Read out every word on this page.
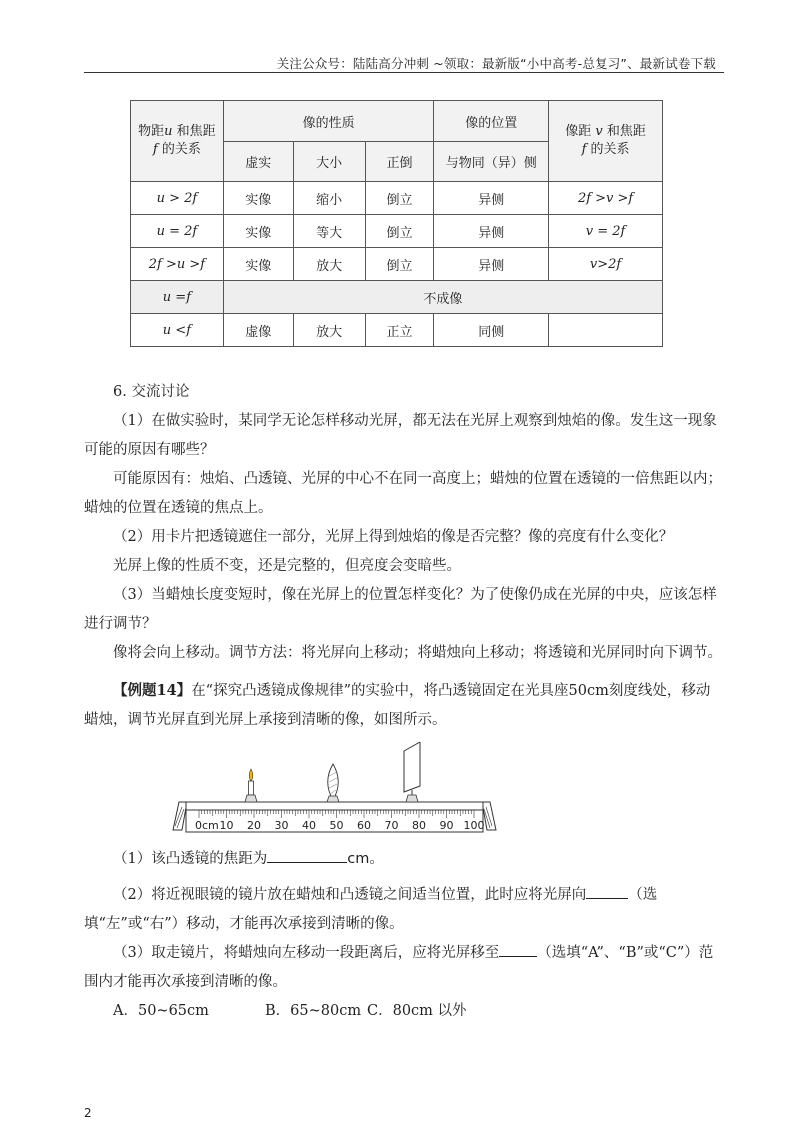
关注公众号：陆陆高分冲刺 ~领取：最新版“小中高考-总复习”、最新试卷下载
物距u 和焦距
f 的关系	像的性质			像的位置	像距 v 和焦距
f 的关系
	虚实	大小	正倒	与物同（异）侧	
u > 2f	实像	缩小	倒立	异侧	2f >v >f
u = 2f	实像	等大	倒立	异侧	v = 2f
2f >u >f	实像	放大	倒立	异侧	v>2f
u =f	不成像				
u <f	虚像	放大	正立	同侧	

6. 交流讨论

（1）在做实验时，某同学无论怎样移动光屏，都无法在光屏上观察到烛焰的像。发生这一现象可能的原因有哪些？

可能原因有：烛焰、凸透镜、光屏的中心不在同一高度上；蜡烛的位置在透镜的一倍焦距以内；蜡烛的位置在透镜的焦点上。

（2）用卡片把透镜遮住一部分，光屏上得到烛焰的像是否完整？像的亮度有什么变化？

光屏上像的性质不变，还是完整的，但亮度会变暗些。

（3）当蜡烛长度变短时，像在光屏上的位置怎样变化？为了使像仍成在光屏的中央，应该怎样进行调节？

像将会向上移动。调节方法：将光屏向上移动；将蜡烛向上移动；将透镜和光屏同时向下调节。

【例题14】在“探究凸透镜成像规律”的实验中，将凸透镜固定在光具座50cm刻度线处，移动蜡烛，调节光屏直到光屏上承接到清晰的像，如图所示。

0cm 10 20 30 40 50 60 70 80 90 100

（1）该凸透镜的焦距为	cm。

（2）将近视眼镜的镜片放在蜡烛和凸透镜之间适当位置，此时应将光屏向	（选填“左”或“右”）移动，才能再次承接到清晰的像。

（3）取走镜片，将蜡烛向左移动一段距离后，应将光屏移至	（选填“A”、“B”或“C”）范围内才能再次承接到清晰的像。

A．50~65cm	B．65~80cm C．80cm 以外
2
